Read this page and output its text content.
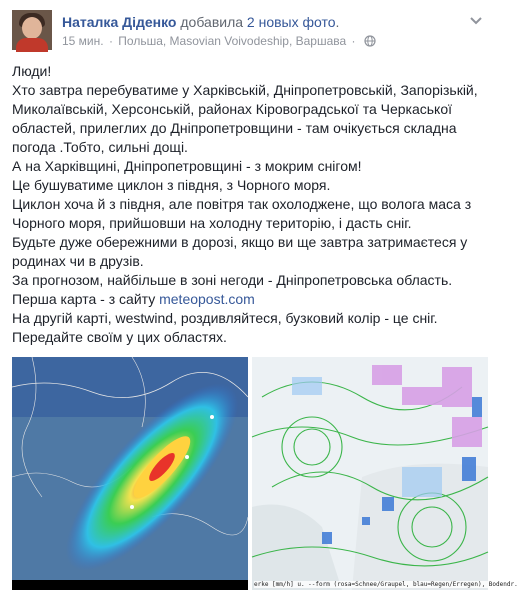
Наталка Діденко добавила 2 новых фото.
15 мин. · Польша, Masovian Voivodeship, Варшава ·

Люди!

Хто завтра перебуватиме у Харківській, Дніпропетровській, Запорізькій, Миколаївській, Херсонській, районах Кіровоградської та Черкаської областей, прилеглих до Дніпропетровщини - там очікується складна погода .Тобто, сильні дощі.

А на Харківщині, Дніпропетровщині - з мокрим снігом!

Це бушуватиме циклон з півдня, з Чорного моря.

Циклон хоча й з півдня, але повітря так охолоджене, що волога маса з Чорного моря, прийшовши на холодну територію, і дасть сніг.

Будьте дуже обережними в дорозі, якщо ви ще завтра затримаєтеся у родинах чи в друзів.

За прогнозом, найбільше в зоні негоди - Дніпропетровська область.

Перша карта - з сайту meteopost.com

На другій карті, westwind, роздивляйтеся, бузковий колір - це сніг.

Передайте своїм у цих областях.

erke [mm/h] u. --form (rosa=Schnee/Graupel, blau=Regen/Erregen), Bodendr.
